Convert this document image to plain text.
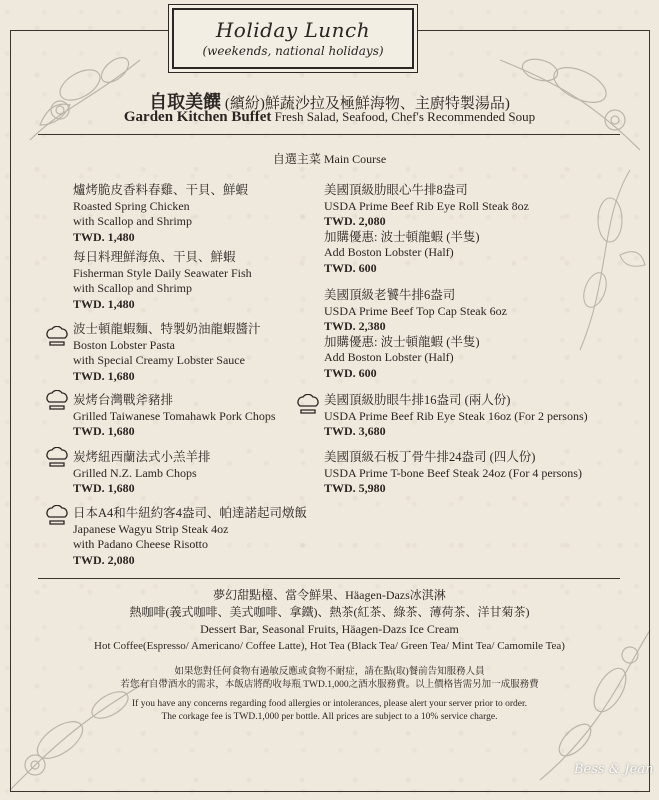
Holiday Lunch
(weekends, national holidays)
自取美饌 (繽紛)鮮蔬沙拉及極鮮海物、主廚特製湯品)
Garden Kitchen Buffet Fresh Salad, Seafood, Chef's Recommended Soup
自選主菜 Main Course
爐烤脆皮香料春雞、干貝、鮮蝦
Roasted Spring Chicken
with Scallop and Shrimp
TWD. 1,480
每日料理鮮海魚、干貝、鮮蝦
Fisherman Style Daily Seawater Fish
with Scallop and Shrimp
TWD. 1,480
波士頓龍蝦麵、特製奶油龍蝦醬汁
Boston Lobster Pasta
with Special Creamy Lobster Sauce
TWD. 1,680
炭烤台灣戰斧豬排
Grilled Taiwanese Tomahawk Pork Chops
TWD. 1,680
炭烤紐西蘭法式小羔羊排
Grilled N.Z. Lamb Chops
TWD. 1,680
日本A4和牛紐約客4盎司、帕達諾起司燉飯
Japanese Wagyu Strip Steak 4oz
with Padano Cheese Risotto
TWD. 2,080
美國頂級肋眼心牛排8盎司
USDA Prime Beef Rib Eye Roll Steak 8oz
TWD. 2,080
加購優惠: 波士頓龍蝦 (半隻)
Add Boston Lobster (Half)
TWD. 600
美國頂級老饕牛排6盎司
USDA Prime Beef Top Cap Steak 6oz
TWD. 2,380
加購優惠: 波士頓龍蝦 (半隻)
Add Boston Lobster (Half)
TWD. 600
美國頂級肋眼牛排16盎司 (兩人份)
USDA Prime Beef Rib Eye Steak 16oz (For 2 persons)
TWD. 3,680
美國頂級石板丁骨牛排24盎司 (四人份)
USDA Prime T-bone Beef Steak 24oz (For 4 persons)
TWD. 5,980
夢幻甜點檯、當令鮮果、Häagen-Dazs冰淇淋
熱咖啡(義式咖啡、美式咖啡、拿鐵)、熱茶(紅茶、綠茶、薄荷茶、洋甘菊茶)
Dessert Bar, Seasonal Fruits, Häagen-Dazs Ice Cream
Hot Coffee(Espresso/ Americano/ Coffee Latte), Hot Tea (Black Tea/ Green Tea/ Mint Tea/ Camomile Tea)
如果您對任何食物有過敏反應或食物不耐症，請在點(取)餐前告知服務人員
若您有自帶酒水的需求，本飯店將酌收每瓶 TWD.1,000之酒水服務費。以上價格皆需另加一成服務費
If you have any concerns regarding food allergies or intolerances, please alert your server prior to order.
The corkage fee is TWD.1,000 per bottle. All prices are subject to a 10% service charge.
Bess & Jean
